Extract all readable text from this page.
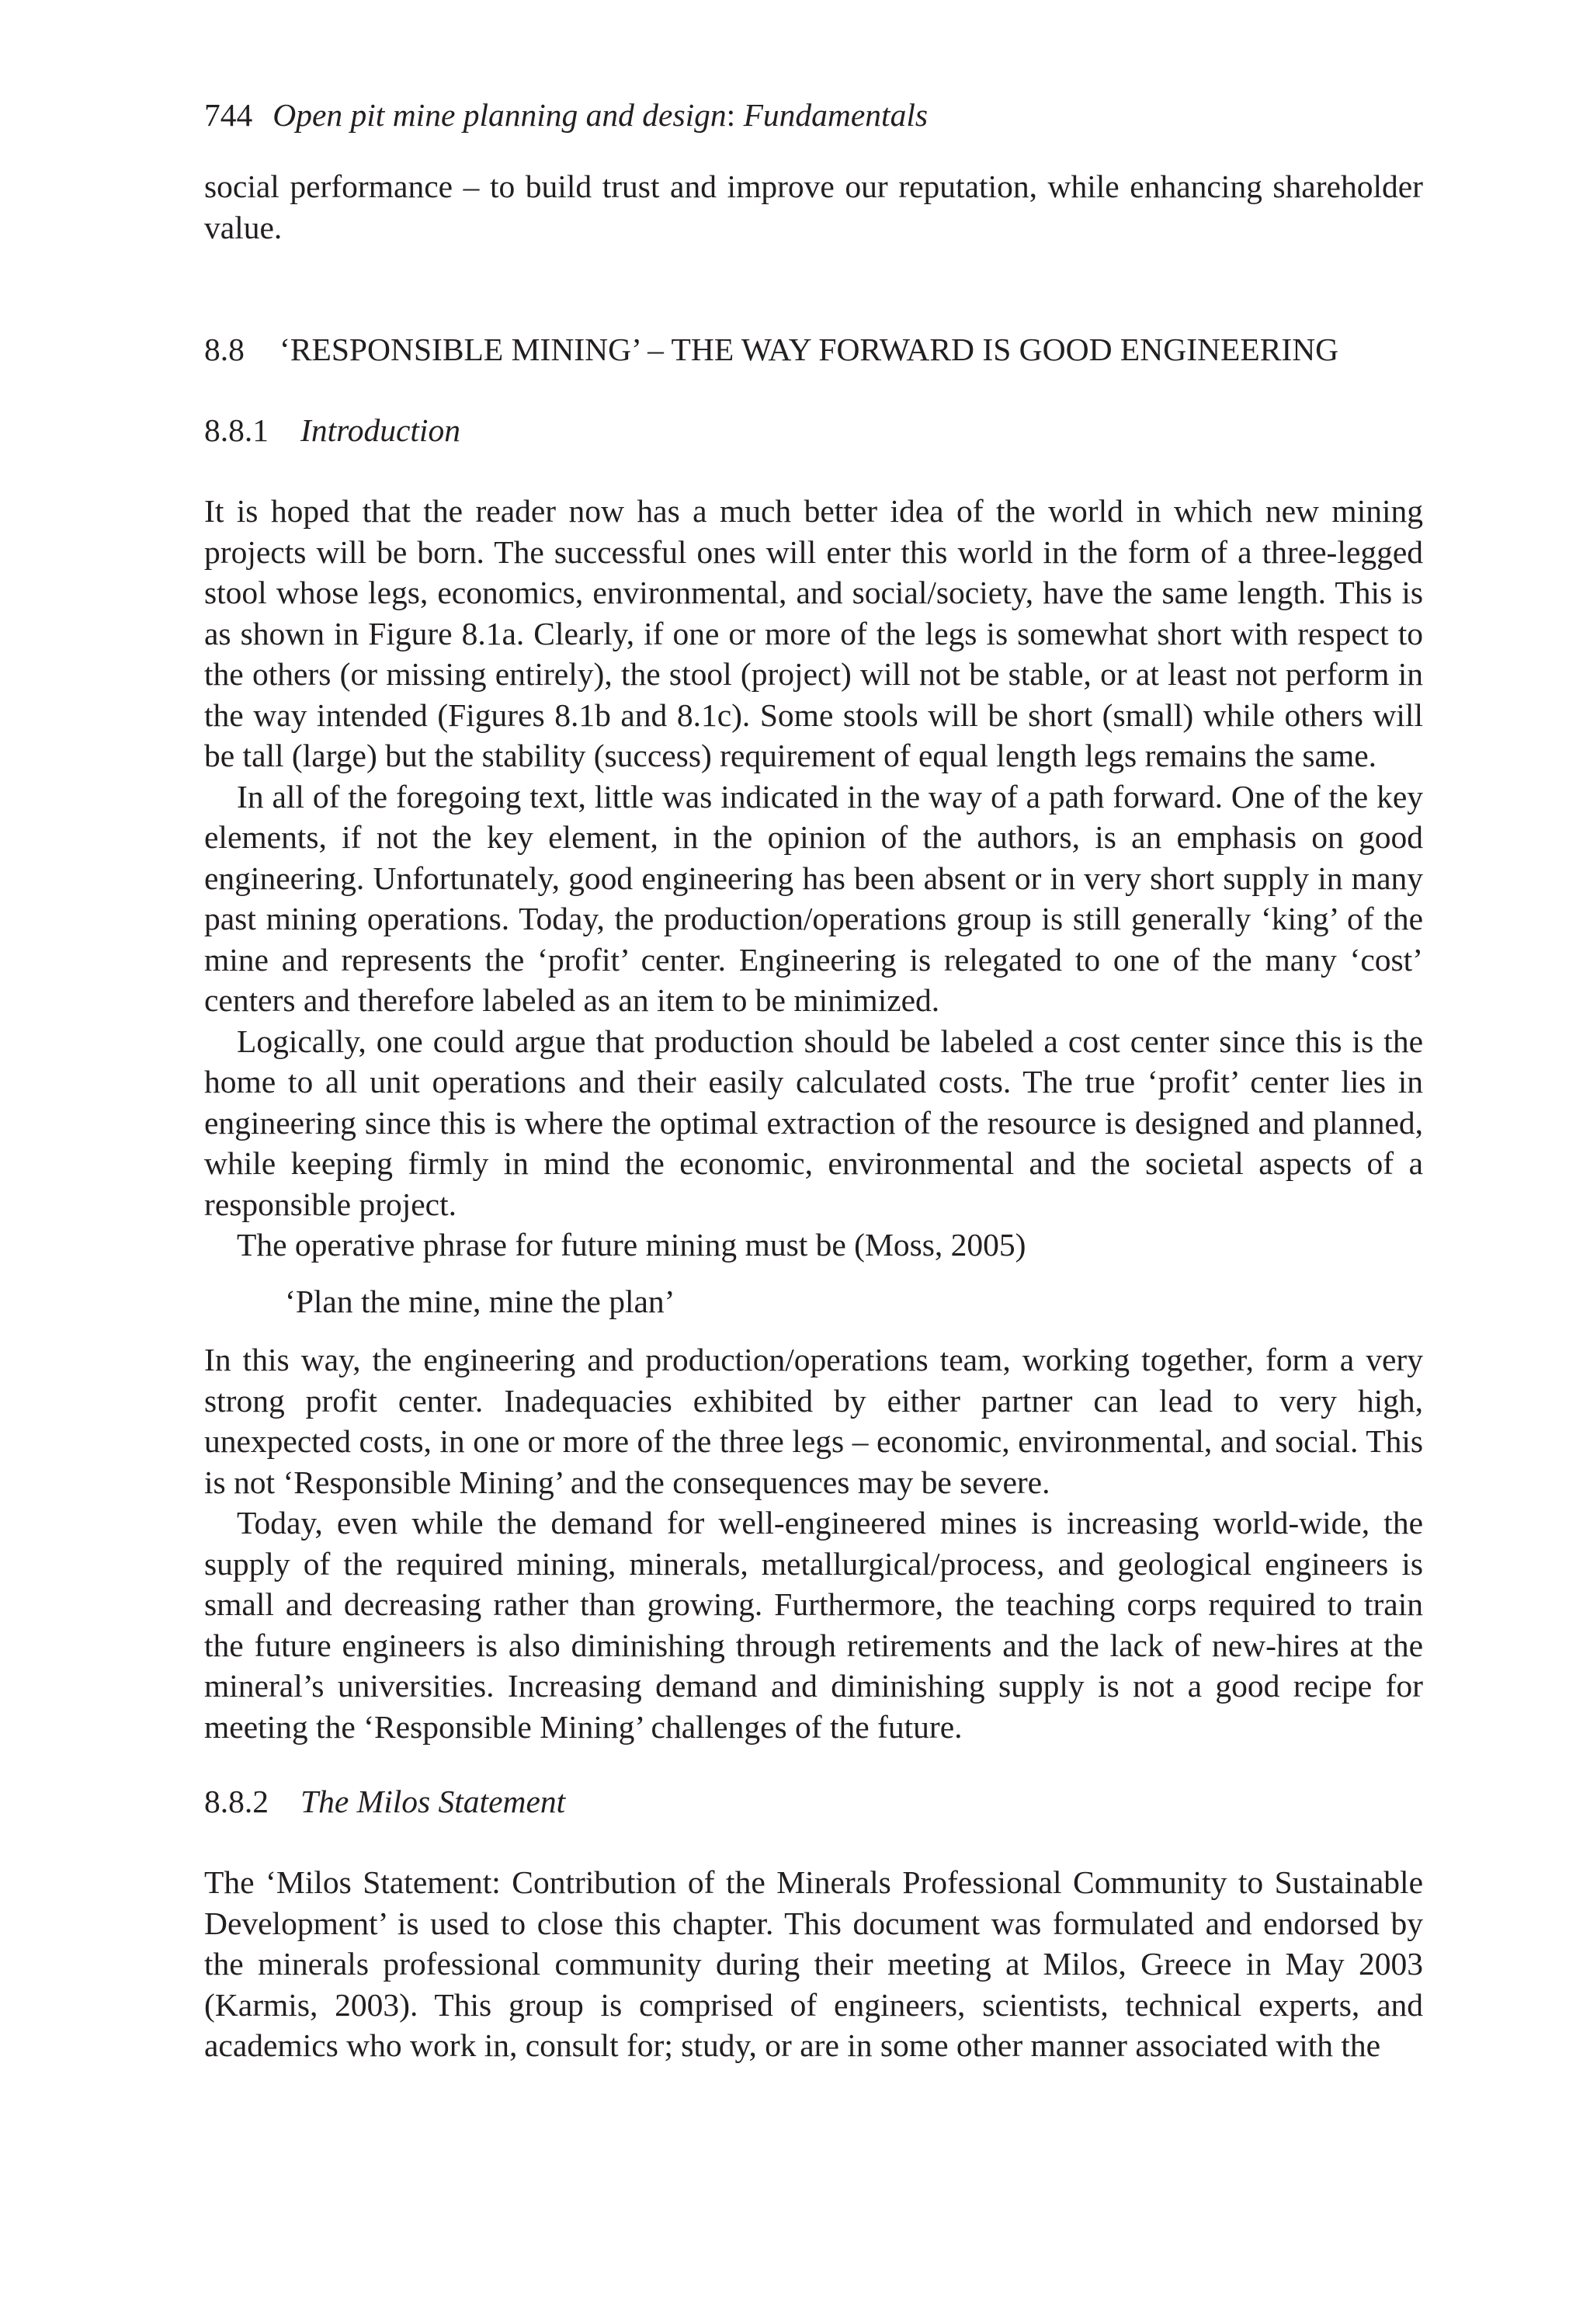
744 Open pit mine planning and design: Fundamentals

social performance – to build trust and improve our reputation, while enhancing shareholder value.

8.8	‘RESPONSIBLE MINING’ – THE WAY FORWARD IS GOOD ENGINEERING
8.8.1 Introduction

It is hoped that the reader now has a much better idea of the world in which new mining projects will be born. The successful ones will enter this world in the form of a three-legged stool whose legs, economics, environmental, and social/society, have the same length. This is as shown in Figure 8.1a. Clearly, if one or more of the legs is somewhat short with respect to the others (or missing entirely), the stool (project) will not be stable, or at least not perform in the way intended (Figures 8.1b and 8.1c). Some stools will be short (small) while others will be tall (large) but the stability (success) requirement of equal length legs remains the same.

In all of the foregoing text, little was indicated in the way of a path forward. One of the key elements, if not the key element, in the opinion of the authors, is an emphasis on good engineering. Unfortunately, good engineering has been absent or in very short supply in many past mining operations. Today, the production/operations group is still generally ‘king’ of the mine and represents the ‘profit’ center. Engineering is relegated to one of the many ‘cost’ centers and therefore labeled as an item to be minimized.

Logically, one could argue that production should be labeled a cost center since this is the home to all unit operations and their easily calculated costs. The true ‘profit’ center lies in engineering since this is where the optimal extraction of the resource is designed and planned, while keeping firmly in mind the economic, environmental and the societal aspects of a responsible project.

The operative phrase for future mining must be (Moss, 2005)

‘Plan the mine, mine the plan’

In this way, the engineering and production/operations team, working together, form a very strong profit center. Inadequacies exhibited by either partner can lead to very high, unexpected costs, in one or more of the three legs – economic, environmental, and social. This is not ‘Responsible Mining’ and the consequences may be severe.

Today, even while the demand for well-engineered mines is increasing world-wide, the supply of the required mining, minerals, metallurgical/process, and geological engineers is small and decreasing rather than growing. Furthermore, the teaching corps required to train the future engineers is also diminishing through retirements and the lack of new-hires at the mineral’s universities. Increasing demand and diminishing supply is not a good recipe for meeting the ‘Responsible Mining’ challenges of the future.

8.8.2 The Milos Statement

The ‘Milos Statement: Contribution of the Minerals Professional Community to Sustainable Development’ is used to close this chapter. This document was formulated and endorsed by the minerals professional community during their meeting at Milos, Greece in May 2003 (Karmis, 2003). This group is comprised of engineers, scientists, technical experts, and academics who work in, consult for; study, or are in some other manner associated with the
